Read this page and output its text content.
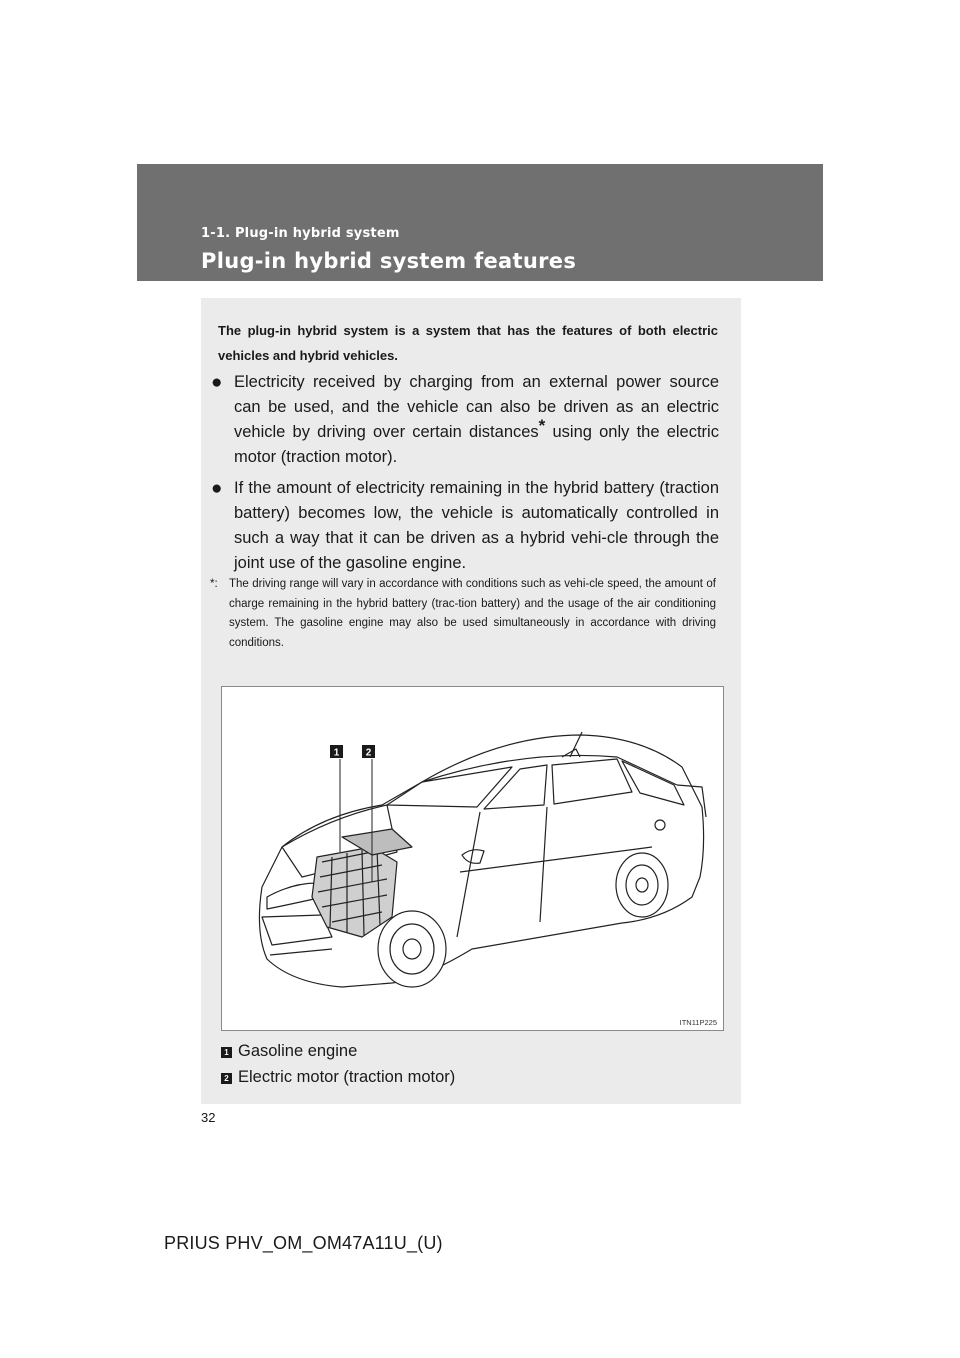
1-1. Plug-in hybrid system
Plug-in hybrid system features

The plug-in hybrid system is a system that has the features of both electric vehicles and hybrid vehicles.

● Electricity received by charging from an external power source can be used, and the vehicle can also be driven as an electric vehicle by driving over certain distances* using only the electric motor (traction motor).
● If the amount of electricity remaining in the hybrid battery (traction battery) becomes low, the vehicle is automatically controlled in such a way that it can be driven as a hybrid vehi-cle through the joint use of the gasoline engine.
*: The driving range will vary in accordance with conditions such as vehi-cle speed, the amount of charge remaining in the hybrid battery (trac-tion battery) and the usage of the air conditioning system. The gasoline engine may also be used simultaneously in accordance with driving conditions.
1	2
ITN11P225
1 Gasoline engine
2 Electric motor (traction motor)
32
PRIUS PHV_OM_OM47A11U_(U)
